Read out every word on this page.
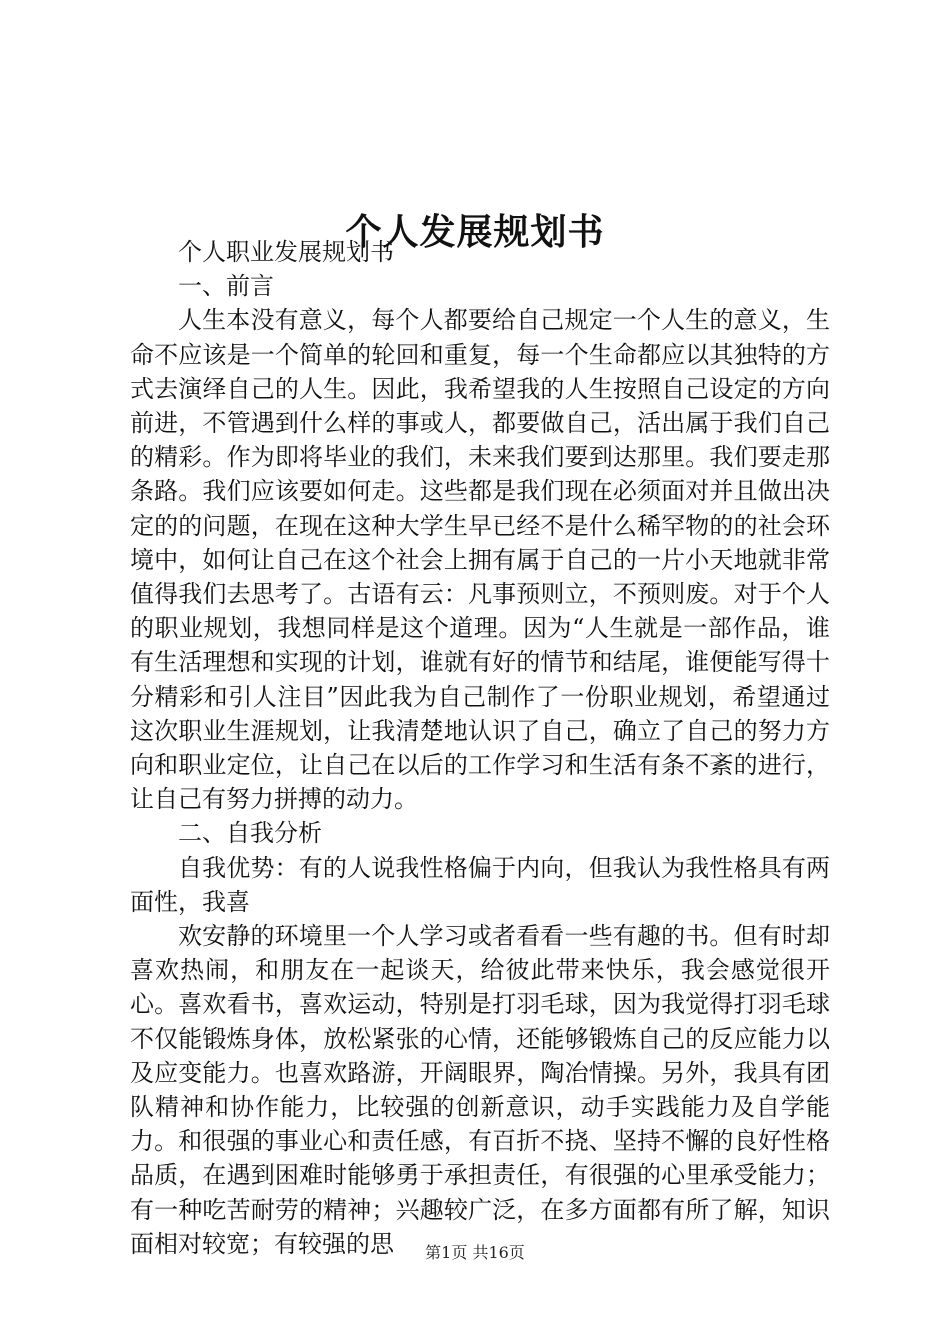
个人发展规划书

个人职业发展规划书

一、前言

人生本没有意义，每个人都要给自己规定一个人生的意义，生命不应该是一个简单的轮回和重复，每一个生命都应以其独特的方式去演绎自己的人生。因此，我希望我的人生按照自己设定的方向前进，不管遇到什么样的事或人，都要做自己，活出属于我们自己的精彩。作为即将毕业的我们，未来我们要到达那里。我们要走那条路。我们应该要如何走。这些都是我们现在必须面对并且做出决定的的问题，在现在这种大学生早已经不是什么稀罕物的的社会环境中，如何让自己在这个社会上拥有属于自己的一片小天地就非常值得我们去思考了。古语有云：凡事预则立，不预则废。对于个人的职业规划，我想同样是这个道理。因为“人生就是一部作品，谁有生活理想和实现的计划，谁就有好的情节和结尾，谁便能写得十分精彩和引人注目”因此我为自己制作了一份职业规划，希望通过这次职业生涯规划，让我清楚地认识了自己，确立了自己的努力方向和职业定位，让自己在以后的工作学习和生活有条不紊的进行，让自己有努力拼搏的动力。

二、自我分析

自我优势：有的人说我性格偏于内向，但我认为我性格具有两面性，我喜

欢安静的环境里一个人学习或者看看一些有趣的书。但有时却喜欢热闹，和朋友在一起谈天，给彼此带来快乐，我会感觉很开心。喜欢看书，喜欢运动，特别是打羽毛球，因为我觉得打羽毛球不仅能锻炼身体，放松紧张的心情，还能够锻炼自己的反应能力以及应变能力。也喜欢路游，开阔眼界，陶冶情操。另外，我具有团队精神和协作能力，比较强的创新意识，动手实践能力及自学能力。和很强的事业心和责任感，有百折不挠、坚持不懈的良好性格品质，在遇到困难时能够勇于承担责任，有很强的心里承受能力；有一种吃苦耐劳的精神；兴趣较广泛，在多方面都有所了解，知识面相对较宽；有较强的思	第1页 共16页
